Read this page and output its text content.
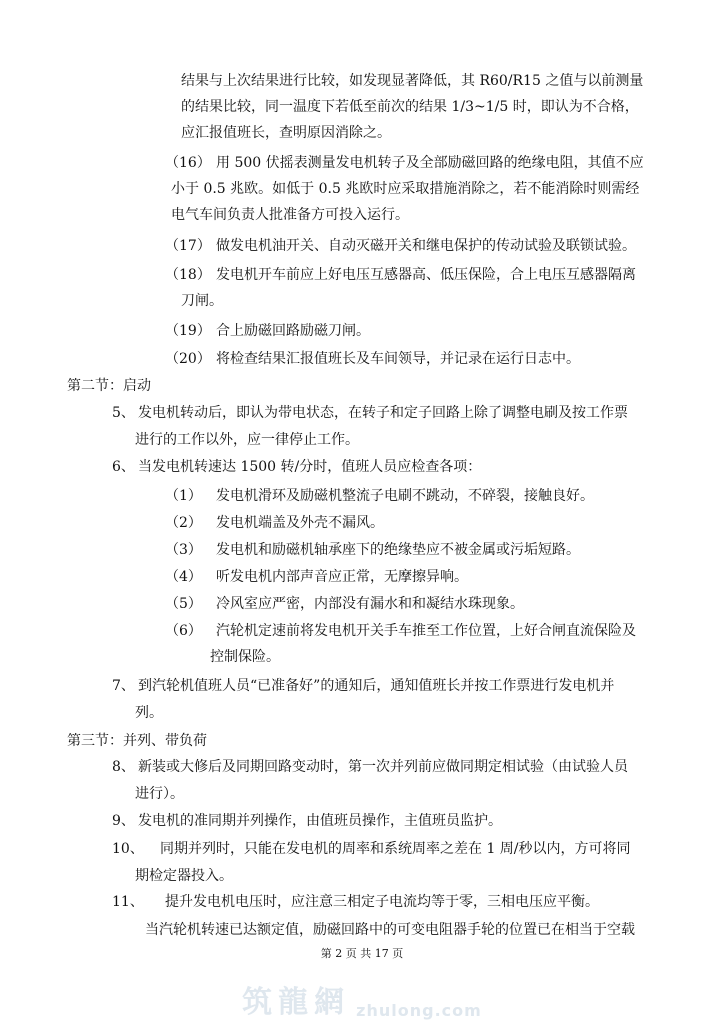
结果与上次结果进行比较，如发现显著降低，其 R60/R15 之值与以前测量
的结果比较，同一温度下若低至前次的结果 1/3~1/5 时，即认为不合格，
应汇报值班长，查明原因消除之。
（16） 用 500 伏摇表测量发电机转子及全部励磁回路的绝缘电阻，其值不应
小于 0.5 兆欧。如低于 0.5 兆欧时应采取措施消除之，若不能消除时则需经
电气车间负责人批准备方可投入运行。
（17） 做发电机油开关、自动灭磁开关和继电保护的传动试验及联锁试验。
（18） 发电机开车前应上好电压互感器高、低压保险，合上电压互感器隔离
刀闸。
（19） 合上励磁回路励磁刀闸。
（20） 将检查结果汇报值班长及车间领导，并记录在运行日志中。
第二节：启动
5、 发电机转动后，即认为带电状态，在转子和定子回路上除了调整电刷及按工作票
进行的工作以外，应一律停止工作。
6、 当发电机转速达 1500 转/分时，值班人员应检查各项：
（1） 发电机滑环及励磁机整流子电刷不跳动，不碎裂，接触良好。
（2） 发电机端盖及外壳不漏风。
（3） 发电机和励磁机轴承座下的绝缘垫应不被金属或污垢短路。
（4） 听发电机内部声音应正常，无摩擦异响。
（5） 冷风室应严密，内部没有漏水和和凝结水珠现象。
（6） 汽轮机定速前将发电机开关手车推至工作位置，上好合闸直流保险及
控制保险。
7、 到汽轮机值班人员“已准备好”的通知后，通知值班长并按工作票进行发电机并
列。
第三节：并列、带负荷
8、 新装或大修后及同期回路变动时，第一次并列前应做同期定相试验（由试验人员
进行）。
9、 发电机的准同期并列操作，由值班员操作，主值班员监护。
10、 同期并列时，只能在发电机的周率和系统周率之差在 1 周/秒以内，方可将同
期检定器投入。
11、 提升发电机电压时，应注意三相定子电流均等于零，三相电压应平衡。
当汽轮机转速已达额定值，励磁回路中的可变电阻器手轮的位置已在相当于空载
第 2 页 共 17 页
筑龍網 zhulong.com
